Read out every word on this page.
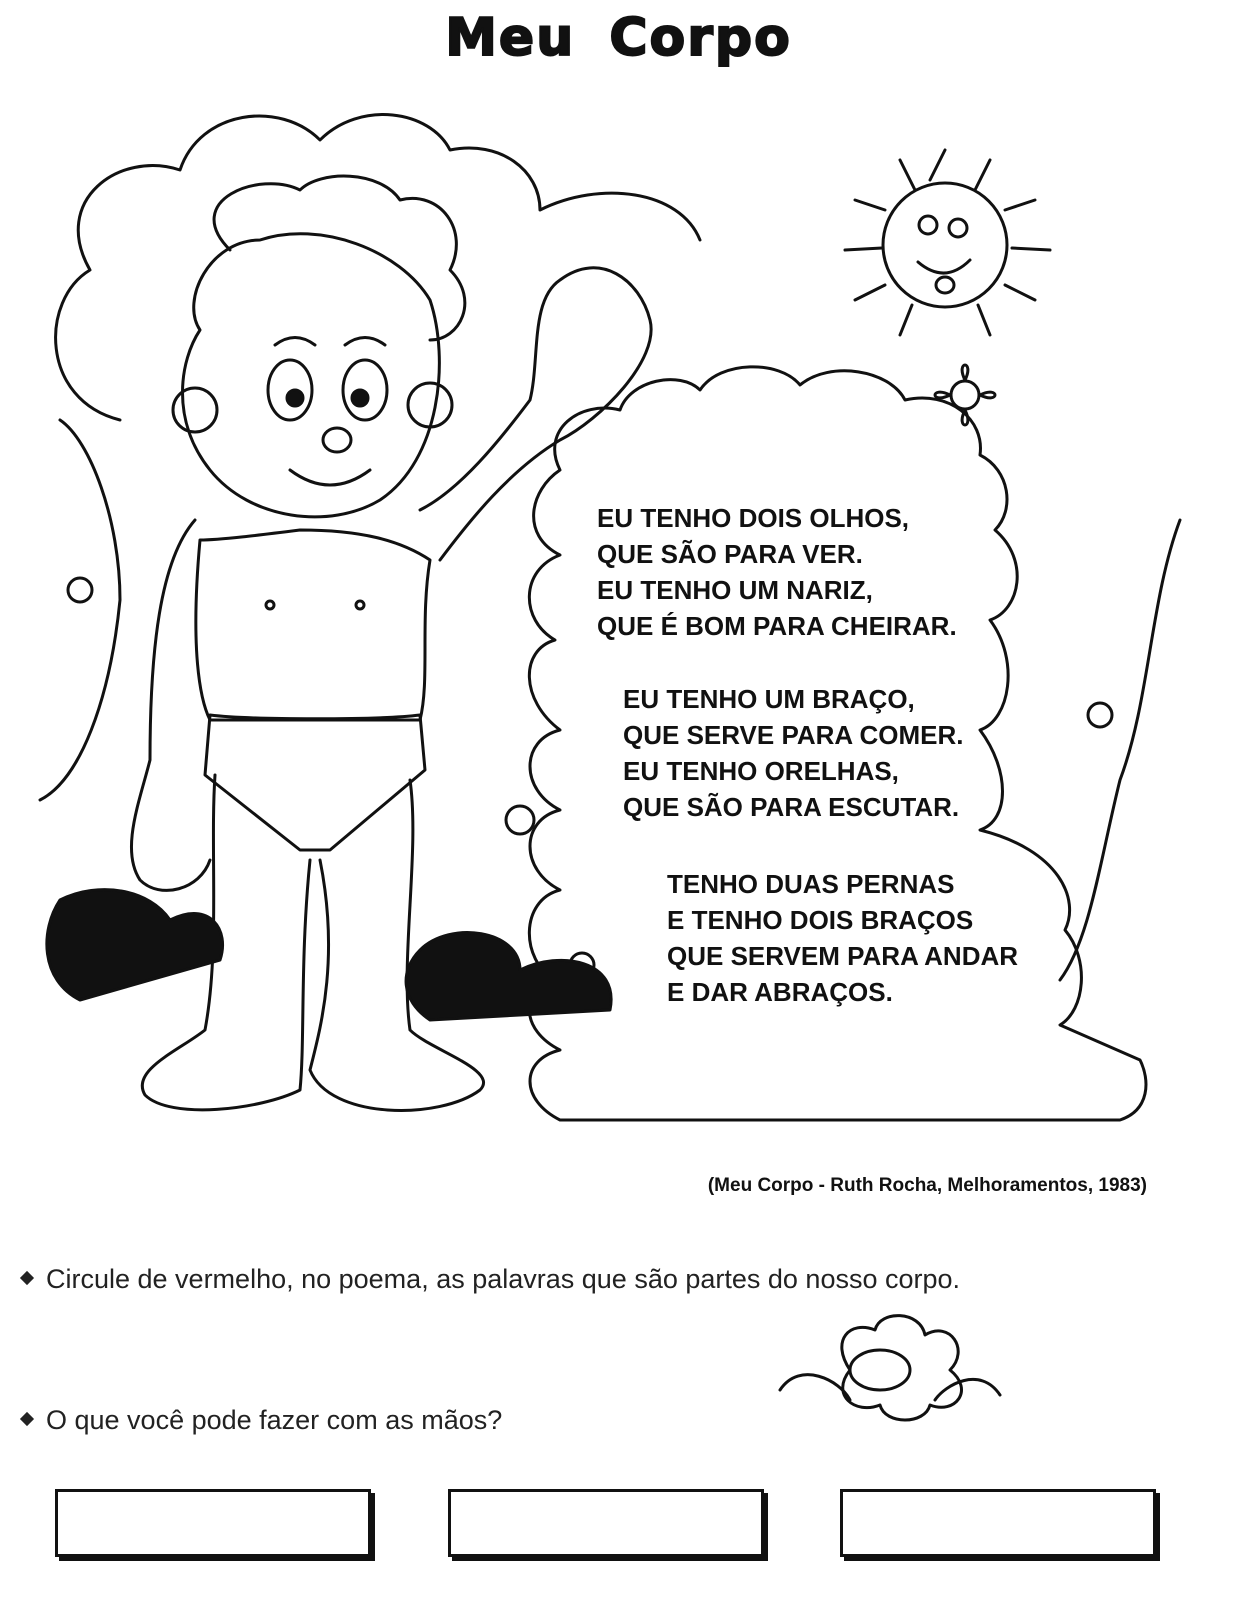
Meu Corpo
EU TENHO DOIS OLHOS,
QUE SÃO PARA VER.
EU TENHO UM NARIZ,
QUE É BOM PARA CHEIRAR.
EU TENHO UM BRAÇO,
QUE SERVE PARA COMER.
EU TENHO ORELHAS,
QUE SÃO PARA ESCUTAR.
TENHO DUAS PERNAS
E TENHO DOIS BRAÇOS
QUE SERVEM PARA ANDAR
E DAR ABRAÇOS.
(Meu Corpo - Ruth Rocha, Melhoramentos, 1983)
Circule de vermelho, no poema, as palavras que são partes do nosso corpo.
O que você pode fazer com as mãos?
